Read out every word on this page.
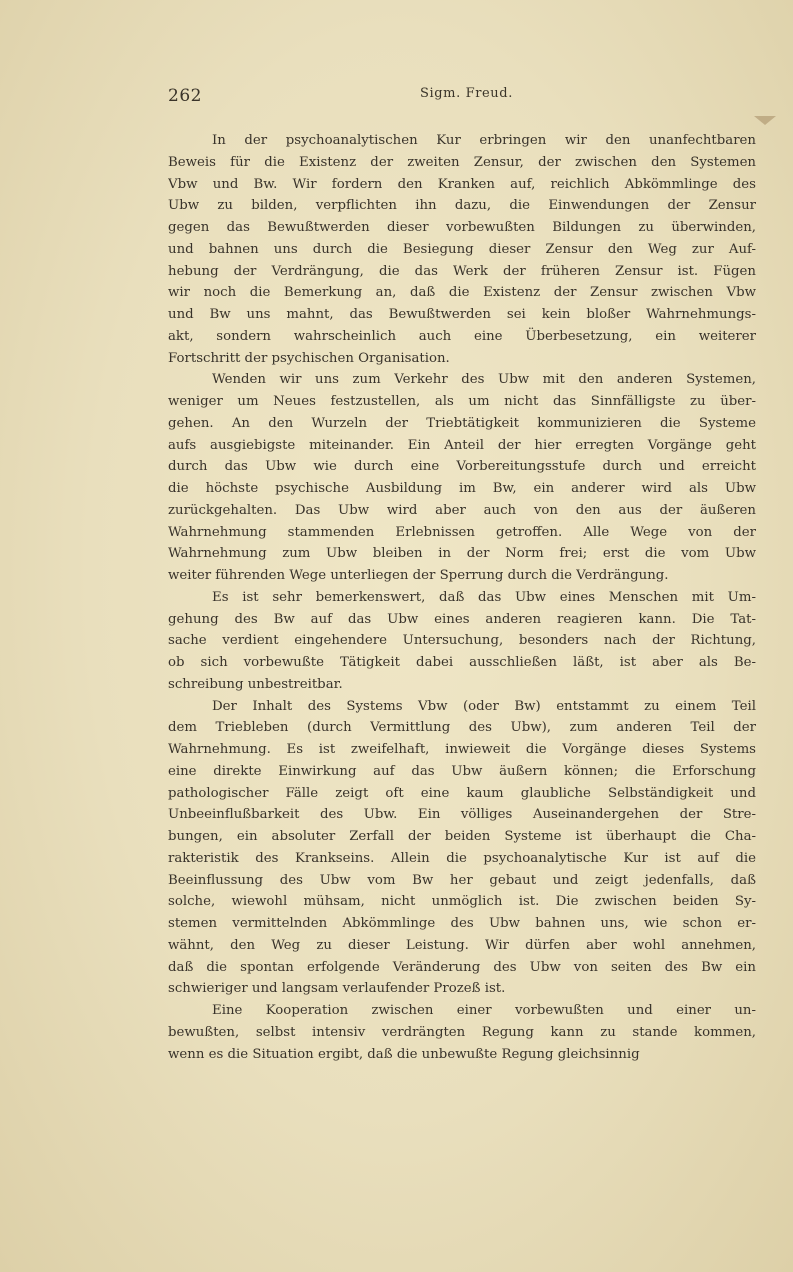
262	Sigm. Freud.
In der psychoanalytischen Kur erbringen wir den unanfechtbaren
Beweis für die Existenz der zweiten Zensur, der zwischen den Systemen
Vbw und Bw. Wir fordern den Kranken auf, reichlich Abkömmlinge des
Ubw zu bilden, verpflichten ihn dazu, die Einwendungen der Zensur
gegen das Bewußtwerden dieser vorbewußten Bildungen zu überwinden,
und bahnen uns durch die Besiegung dieser Zensur den Weg zur Auf-
hebung der Verdrängung, die das Werk der früheren Zensur ist. Fügen
wir noch die Bemerkung an, daß die Existenz der Zensur zwischen Vbw
und Bw uns mahnt, das Bewußtwerden sei kein bloßer Wahrnehmungs-
akt, sondern wahrscheinlich auch eine Überbesetzung, ein weiterer
Fortschritt der psychischen Organisation.
Wenden wir uns zum Verkehr des Ubw mit den anderen Systemen,
weniger um Neues festzustellen, als um nicht das Sinnfälligste zu über-
gehen. An den Wurzeln der Triebtätigkeit kommunizieren die Systeme
aufs ausgiebigste miteinander. Ein Anteil der hier erregten Vorgänge geht
durch das Ubw wie durch eine Vorbereitungsstufe durch und erreicht
die höchste psychische Ausbildung im Bw, ein anderer wird als Ubw
zurückgehalten. Das Ubw wird aber auch von den aus der äußeren
Wahrnehmung stammenden Erlebnissen getroffen. Alle Wege von der
Wahrnehmung zum Ubw bleiben in der Norm frei; erst die vom Ubw
weiter führenden Wege unterliegen der Sperrung durch die Verdrängung.
Es ist sehr bemerkenswert, daß das Ubw eines Menschen mit Um-
gehung des Bw auf das Ubw eines anderen reagieren kann. Die Tat-
sache verdient eingehendere Untersuchung, besonders nach der Richtung,
ob sich vorbewußte Tätigkeit dabei ausschließen läßt, ist aber als Be-
schreibung unbestreitbar.
Der Inhalt des Systems Vbw (oder Bw) entstammt zu einem Teil
dem Triebleben (durch Vermittlung des Ubw), zum anderen Teil der
Wahrnehmung. Es ist zweifelhaft, inwieweit die Vorgänge dieses Systems
eine direkte Einwirkung auf das Ubw äußern können; die Erforschung
pathologischer Fälle zeigt oft eine kaum glaubliche Selbständigkeit und
Unbeeinflußbarkeit des Ubw. Ein völliges Auseinandergehen der Stre-
bungen, ein absoluter Zerfall der beiden Systeme ist überhaupt die Cha-
rakteristik des Krankseins. Allein die psychoanalytische Kur ist auf die
Beeinflussung des Ubw vom Bw her gebaut und zeigt jedenfalls, daß
solche, wiewohl mühsam, nicht unmöglich ist. Die zwischen beiden Sy-
stemen vermittelnden Abkömmlinge des Ubw bahnen uns, wie schon er-
wähnt, den Weg zu dieser Leistung. Wir dürfen aber wohl annehmen,
daß die spontan erfolgende Veränderung des Ubw von seiten des Bw ein
schwieriger und langsam verlaufender Prozeß ist.
Eine Kooperation zwischen einer vorbewußten und einer un-
bewußten, selbst intensiv verdrängten Regung kann zu stande kommen,
wenn es die Situation ergibt, daß die unbewußte Regung gleichsinnig
